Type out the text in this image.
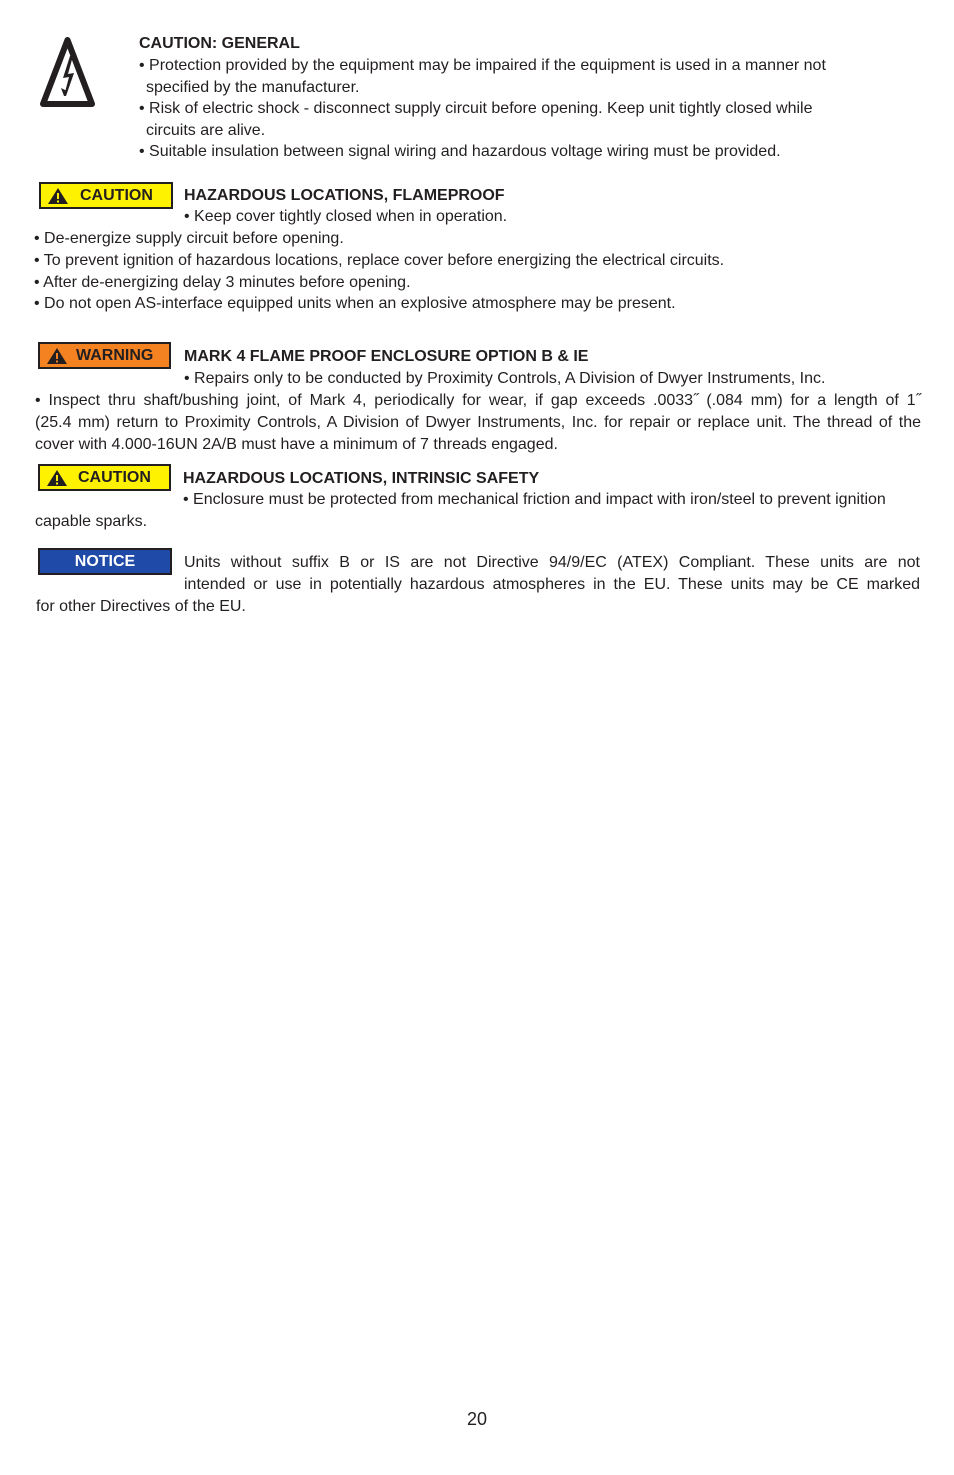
CAUTION: GENERAL
• Protection provided by the equipment may be impaired if the equipment is used in a manner not
specified by the manufacturer.
• Risk of electric shock - disconnect supply circuit before opening. Keep unit tightly closed while
circuits are alive.
• Suitable insulation between signal wiring and hazardous voltage wiring must be provided.
CAUTION HAZARDOUS LOCATIONS, FLAMEPROOF
• Keep cover tightly closed when in operation.
• De-energize supply circuit before opening.
• To prevent ignition of hazardous locations, replace cover before energizing the electrical circuits.
• After de-energizing delay 3 minutes before opening.
• Do not open AS-interface equipped units when an explosive atmosphere may be present.
WARNING MARK 4 FLAME PROOF ENCLOSURE OPTION B & IE
• Repairs only to be conducted by Proximity Controls, A Division of Dwyer Instruments, Inc.
• Inspect thru shaft/bushing joint, of Mark 4, periodically for wear, if gap exceeds .0033˝ (.084 mm) for a length of 1˝
(25.4 mm) return to Proximity Controls, A Division of Dwyer Instruments, Inc. for repair or replace unit. The thread of the
cover with 4.000-16UN 2A/B must have a minimum of 7 threads engaged.
CAUTION HAZARDOUS LOCATIONS, INTRINSIC SAFETY
• Enclosure must be protected from mechanical friction and impact with iron/steel to prevent ignition
capable sparks.
NOTICE	Units without suffix B or IS are not Directive 94/9/EC (ATEX) Compliant. These units are not
intended or use in potentially hazardous atmospheres in the EU. These units may be CE marked
for other Directives of the EU.
20
